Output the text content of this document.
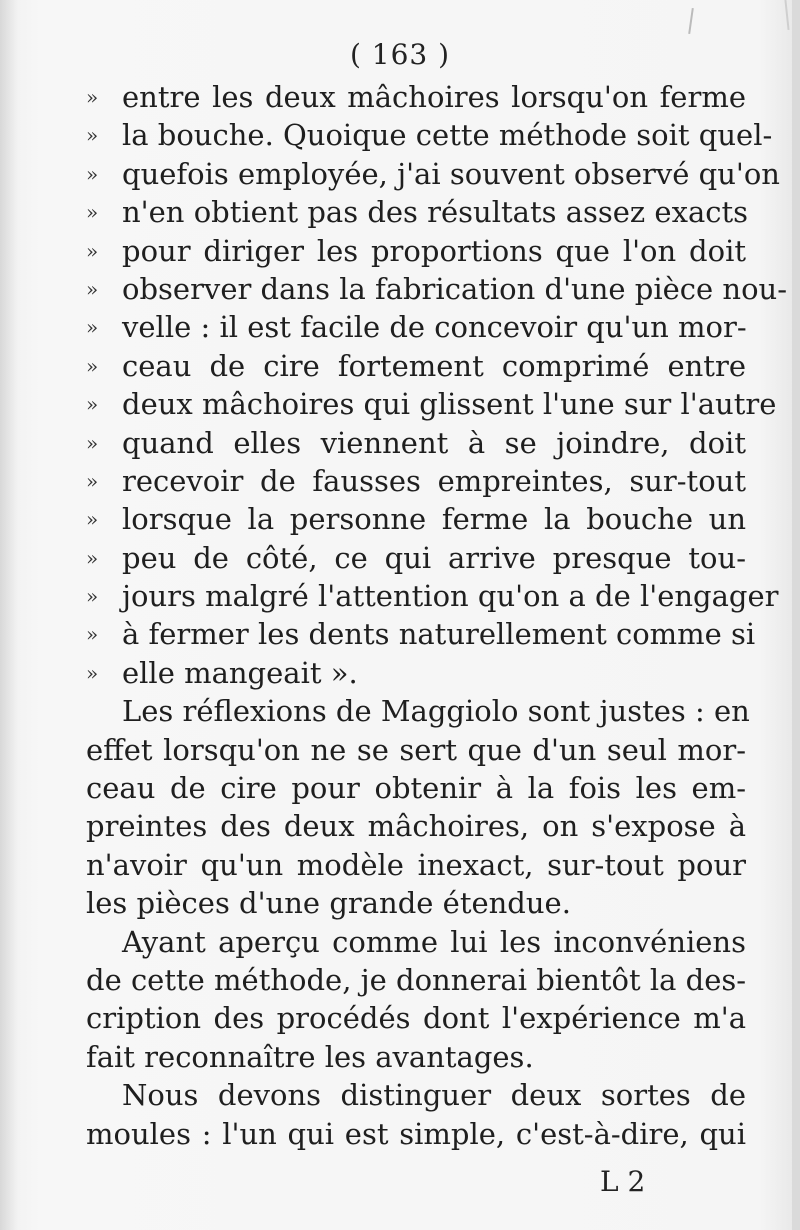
( 163 )
» entre les deux mâchoires lorsqu'on ferme
» la bouche. Quoique cette méthode soit quel-
» quefois employée, j'ai souvent observé qu'on
» n'en obtient pas des résultats assez exacts
» pour diriger les proportions que l'on doit
» observer dans la fabrication d'une pièce nou-
» velle : il est facile de concevoir qu'un mor-
» ceau de cire fortement comprimé entre
» deux mâchoires qui glissent l'une sur l'autre
» quand elles viennent à se joindre, doit
» recevoir de fausses empreintes, sur-tout
» lorsque la personne ferme la bouche un
» peu de côté, ce qui arrive presque tou-
» jours malgré l'attention qu'on a de l'engager
» à fermer les dents naturellement comme si
» elle mangeait ».
Les réflexions de Maggiolo sont justes : en
effet lorsqu'on ne se sert que d'un seul mor-
ceau de cire pour obtenir à la fois les em-
preintes des deux mâchoires, on s'expose à
n'avoir qu'un modèle inexact, sur-tout pour
les pièces d'une grande étendue.
Ayant aperçu comme lui les inconvéniens
de cette méthode, je donnerai bientôt la des-
cription des procédés dont l'expérience m'a
fait reconnaître les avantages.
Nous devons distinguer deux sortes de
moules : l'un qui est simple, c'est-à-dire, qui
L 2
